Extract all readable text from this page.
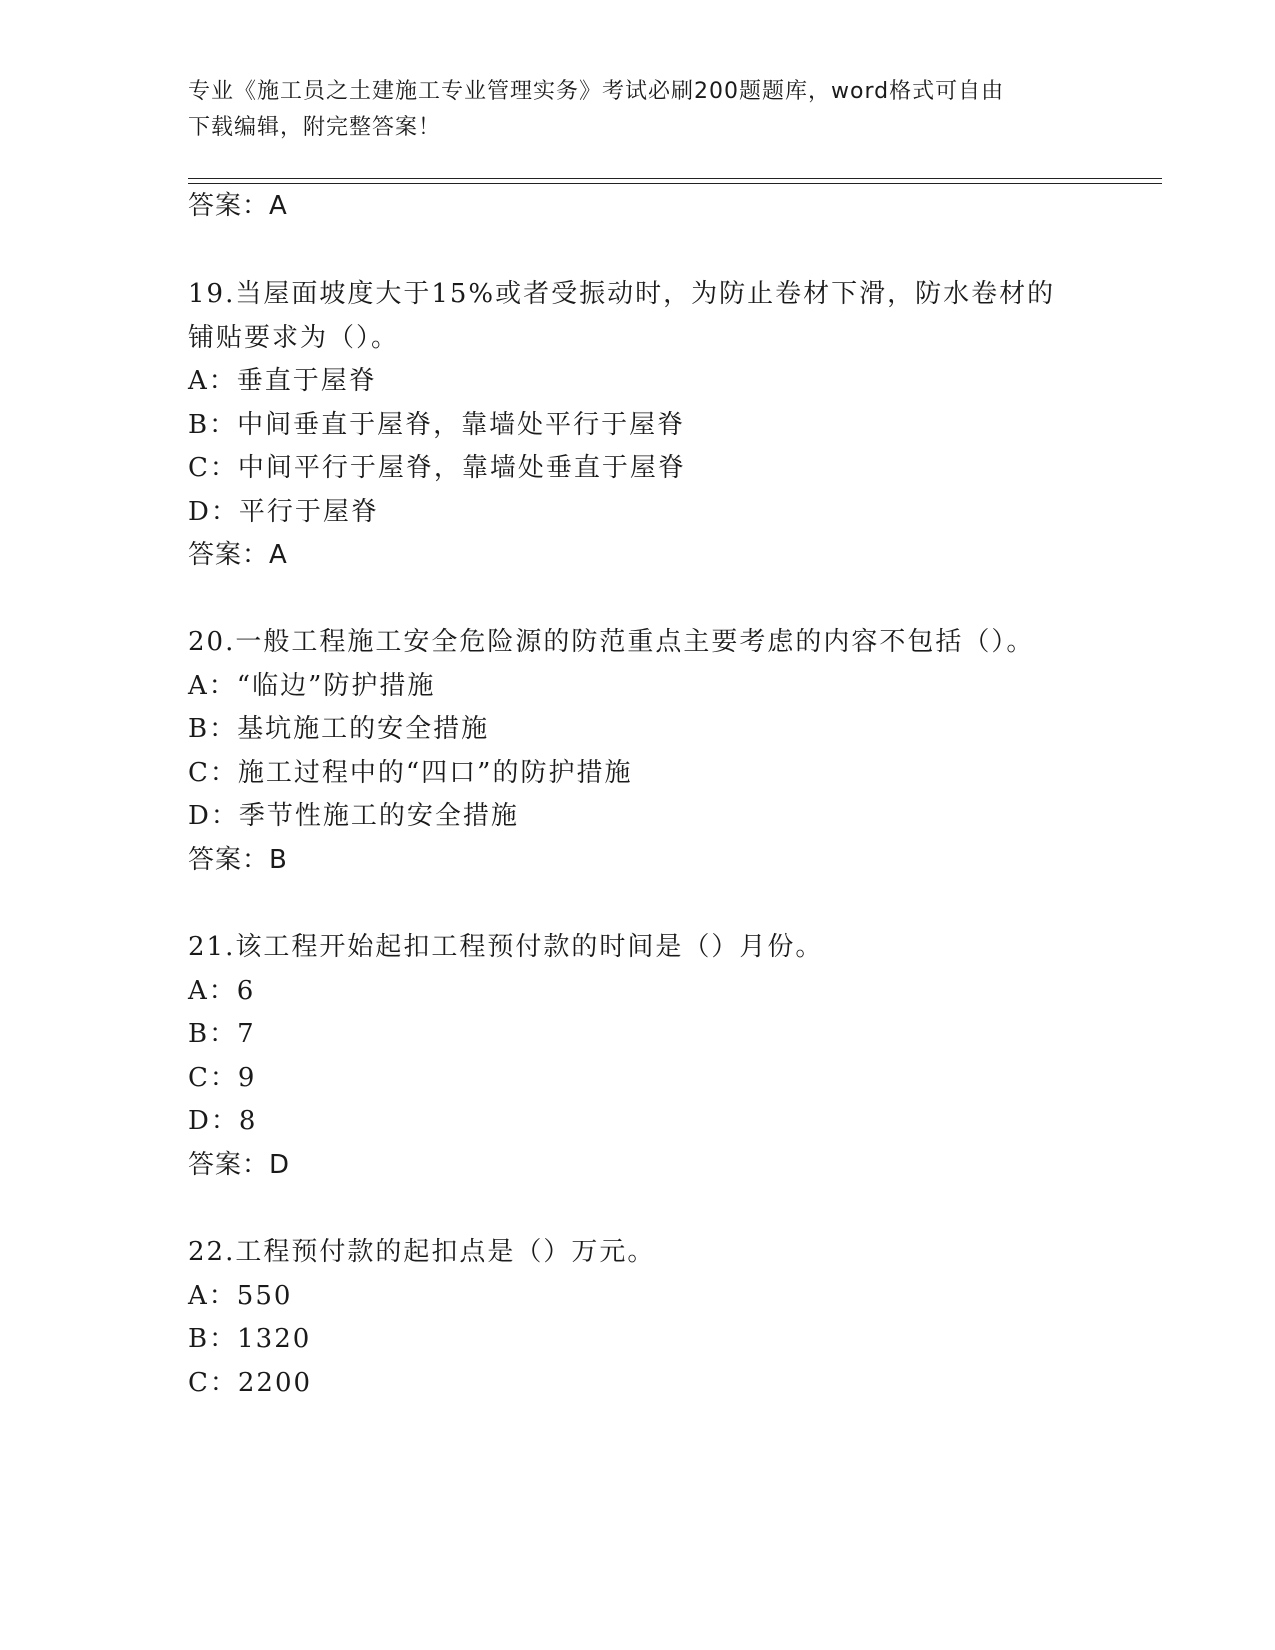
专业《施工员之土建施工专业管理实务》考试必刷200题题库，word格式可自由
下载编辑，附完整答案！
答案：A
19.当屋面坡度大于15%或者受振动时，为防止卷材下滑，防水卷材的
铺贴要求为（）。
A：垂直于屋脊
B：中间垂直于屋脊，靠墙处平行于屋脊
C：中间平行于屋脊，靠墙处垂直于屋脊
D：平行于屋脊
答案：A
20.一般工程施工安全危险源的防范重点主要考虑的内容不包括（）。
A：“临边”防护措施
B：基坑施工的安全措施
C：施工过程中的“四口”的防护措施
D：季节性施工的安全措施
答案：B
21.该工程开始起扣工程预付款的时间是（）月份。
A：6
B：7
C：9
D：8
答案：D
22.工程预付款的起扣点是（）万元。
A：550
B：1320
C：2200
